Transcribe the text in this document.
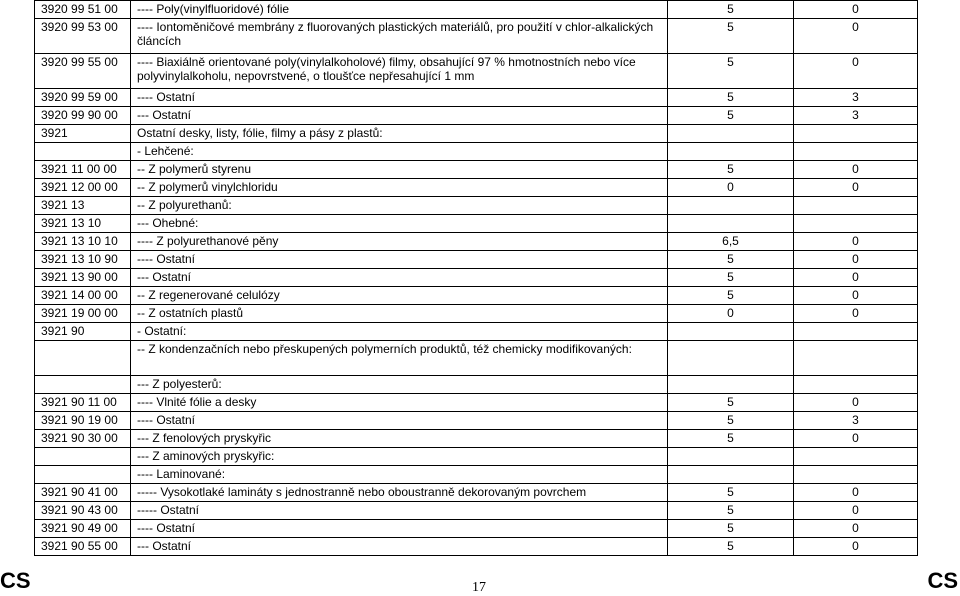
3920 99 51 00	---- Poly(vinylfluoridové) fólie	5	0
3920 99 53 00	---- Iontoměničové membrány z fluorovaných plastických materiálů, pro použití v chlor-alkalických článcích	5	0
3920 99 55 00	---- Biaxiálně orientované poly(vinylalkoholové) filmy, obsahující 97 % hmotnostních nebo více polyvinylalkoholu, nepovrstvené, o tloušťce nepřesahující 1 mm	5	0
3920 99 59 00	---- Ostatní	5	3
3920 99 90 00	--- Ostatní	5	3
3921	Ostatní desky, listy, fólie, filmy a pásy z plastů:		
	- Lehčené:		
3921 11 00 00	-- Z polymerů styrenu	5	0
3921 12 00 00	-- Z polymerů vinylchloridu	0	0
3921 13	-- Z polyurethanů:		
3921 13 10	--- Ohebné:		
3921 13 10 10	---- Z polyurethanové pěny	6,5	0
3921 13 10 90	---- Ostatní	5	0
3921 13 90 00	--- Ostatní	5	0
3921 14 00 00	-- Z regenerované celulózy	5	0
3921 19 00 00	-- Z ostatních plastů	0	0
3921 90	- Ostatní:		
	-- Z kondenzačních nebo přeskupených polymerních produktů, též chemicky modifikovaných:		
	--- Z polyesterů:		
3921 90 11 00	---- Vlnité fólie a desky	5	0
3921 90 19 00	---- Ostatní	5	3
3921 90 30 00	--- Z fenolových pryskyřic	5	0
	--- Z aminových pryskyřic:		
	---- Laminované:		
3921 90 41 00	----- Vysokotlaké lamináty s jednostranně nebo oboustranně dekorovaným povrchem	5	0
3921 90 43 00	----- Ostatní	5	0
3921 90 49 00	---- Ostatní	5	0
3921 90 55 00	--- Ostatní	5	0
CS	17	CS
